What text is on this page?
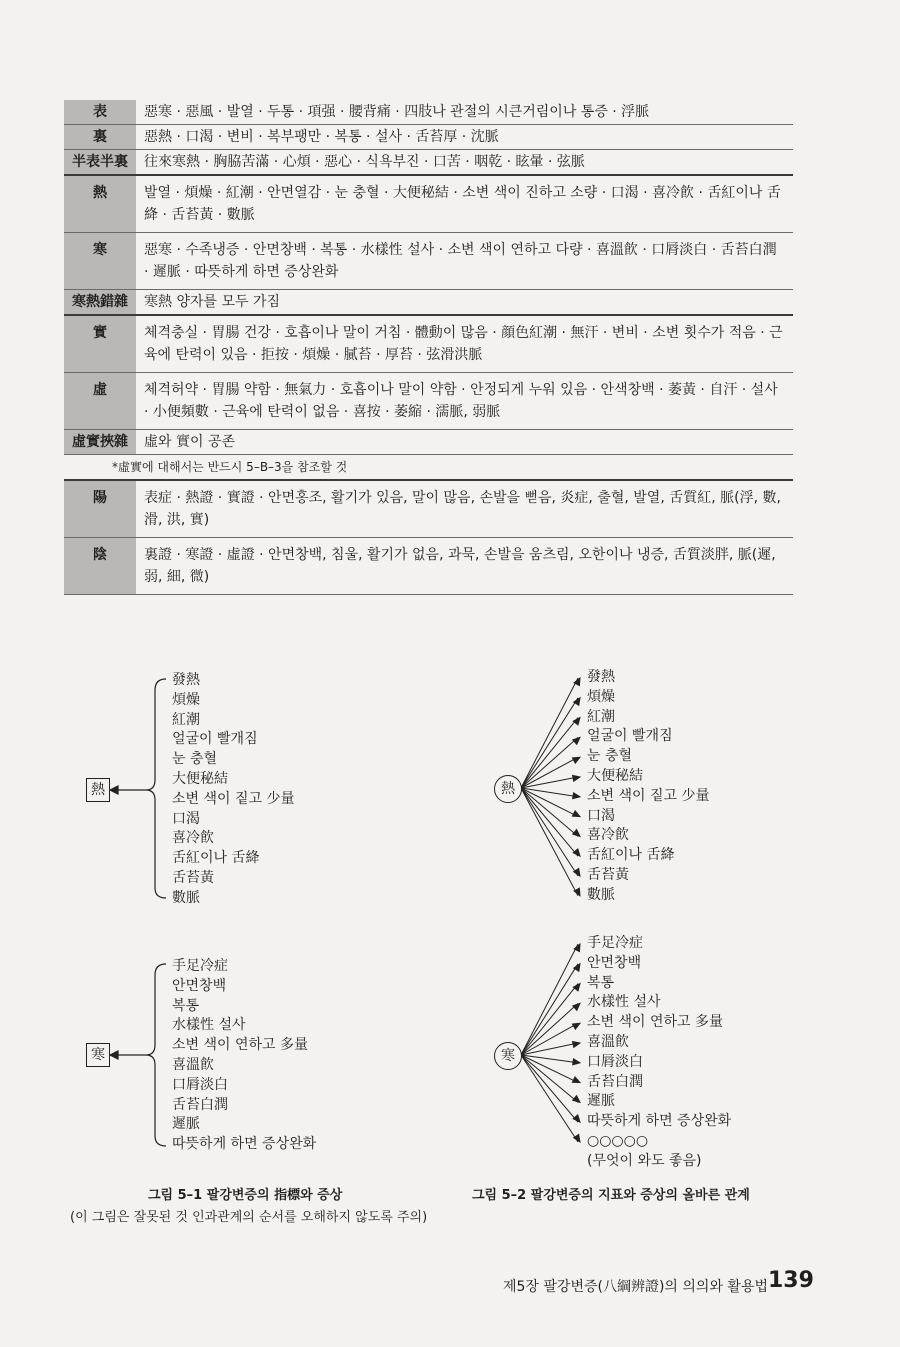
表	惡寒 · 惡風 · 발열 · 두통 · 項强 · 腰背痛 · 四肢나 관절의 시큰거림이나 통증 · 浮脈
裏	惡熱 · 口渴 · 변비 · 복부팽만 · 복통 · 설사 · 舌苔厚 · 沈脈
半表半裏	往來寒熱 · 胸脇苦滿 · 心煩 · 惡心 · 식욕부진 · 口苦 · 咽乾 · 眩暈 · 弦脈
熱	발열 · 煩燥 · 紅潮 · 안면열감 · 눈 충혈 · 大便秘結 · 소변 색이 진하고 소량 · 口渴 · 喜冷飮 · 舌紅이나 舌絳 · 舌苔黃 · 數脈
寒	惡寒 · 수족냉증 · 안면창백 · 복통 · 水樣性 설사 · 소변 색이 연하고 다량 · 喜溫飮 · 口脣淡白 · 舌苔白潤 · 遲脈 · 따뜻하게 하면 증상완화
寒熱錯雜	寒熱 양자를 모두 가짐
實	체격충실 · 胃腸 건강 · 호흡이나 말이 거침 · 體動이 많음 · 顔色紅潮 · 無汗 · 변비 · 소변 횟수가 적음 · 근육에 탄력이 있음 · 拒按 · 煩燥 · 膩苔 · 厚苔 · 弦滑洪脈
虛	체격허약 · 胃腸 약함 · 無氣力 · 호흡이나 말이 약함 · 안정되게 누워 있음 · 안색창백 · 萎黃 · 自汗 · 설사 · 小便頻數 · 근육에 탄력이 없음 · 喜按 · 萎縮 · 濡脈, 弱脈
虛實挾雜	虛와 實이 공존
*虛實에 대해서는 반드시 5–B–3을 참조할 것	
陽	表症 · 熱證 · 實證 · 안면홍조, 활기가 있음, 말이 많음, 손발을 뻗음, 炎症, 출혈, 발열, 舌質紅, 脈(浮, 數, 滑, 洪, 實)
陰	裏證 · 寒證 · 虛證 · 안면창백, 침울, 활기가 없음, 과묵, 손발을 움츠림, 오한이나 냉증, 舌質淡胖, 脈(遲, 弱, 細, 微)
熱
發熱
煩燥
紅潮
얼굴이 빨개짐
눈 충혈
大便秘結
소변 색이 짙고 少量
口渴
喜冷飮
舌紅이나 舌絳
舌苔黃
數脈
寒
手足冷症
안면창백
복통
水樣性 설사
소변 색이 연하고 多量
喜溫飮
口脣淡白
舌苔白潤
遲脈
따뜻하게 하면 증상완화
그림 5–1 팔강변증의 指標와 증상
(이 그림은 잘못된 것 인과관계의 순서를 오해하지 않도록 주의)
熱
發熱
煩燥
紅潮
얼굴이 빨개짐
눈 충혈
大便秘結
소변 색이 짙고 少量
口渴
喜冷飮
舌紅이나 舌絳
舌苔黃
數脈
寒
手足冷症
안면창백
복통
水樣性 설사
소변 색이 연하고 多量
喜溫飮
口脣淡白
舌苔白潤
遲脈
따뜻하게 하면 증상완화
○○○○○
(무엇이 와도 좋음)
그림 5–2 팔강변증의 지표와 증상의 올바른 관계
제5장 팔강변증(八綱辨證)의 의의와 활용법 139
